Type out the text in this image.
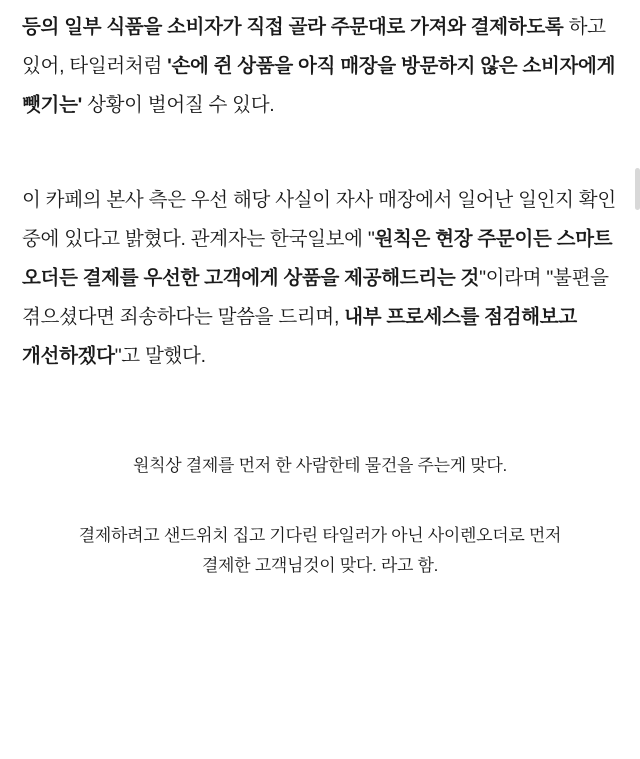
등의 일부 식품을 소비자가 직접 골라 주문대로 가져와 결제하도록 하고 있어, 타일러처럼 '손에 쥔 상품을 아직 매장을 방문하지 않은 소비자에게 뺏기는' 상황이 벌어질 수 있다.

이 카페의 본사 측은 우선 해당 사실이 자사 매장에서 일어난 일인지 확인 중에 있다고 밝혔다. 관계자는 한국일보에 "원칙은 현장 주문이든 스마트 오더든 결제를 우선한 고객에게 상품을 제공해드리는 것"이라며 "불편을 겪으셨다면 죄송하다는 말씀을 드리며, 내부 프로세스를 점검해보고 개선하겠다"고 말했다.

원칙상 결제를 먼저 한 사람한테 물건을 주는게 맞다.

결제하려고 샌드위치 집고 기다린 타일러가 아닌 사이렌오더로 먼저

결제한 고객님것이 맞다. 라고 함.
